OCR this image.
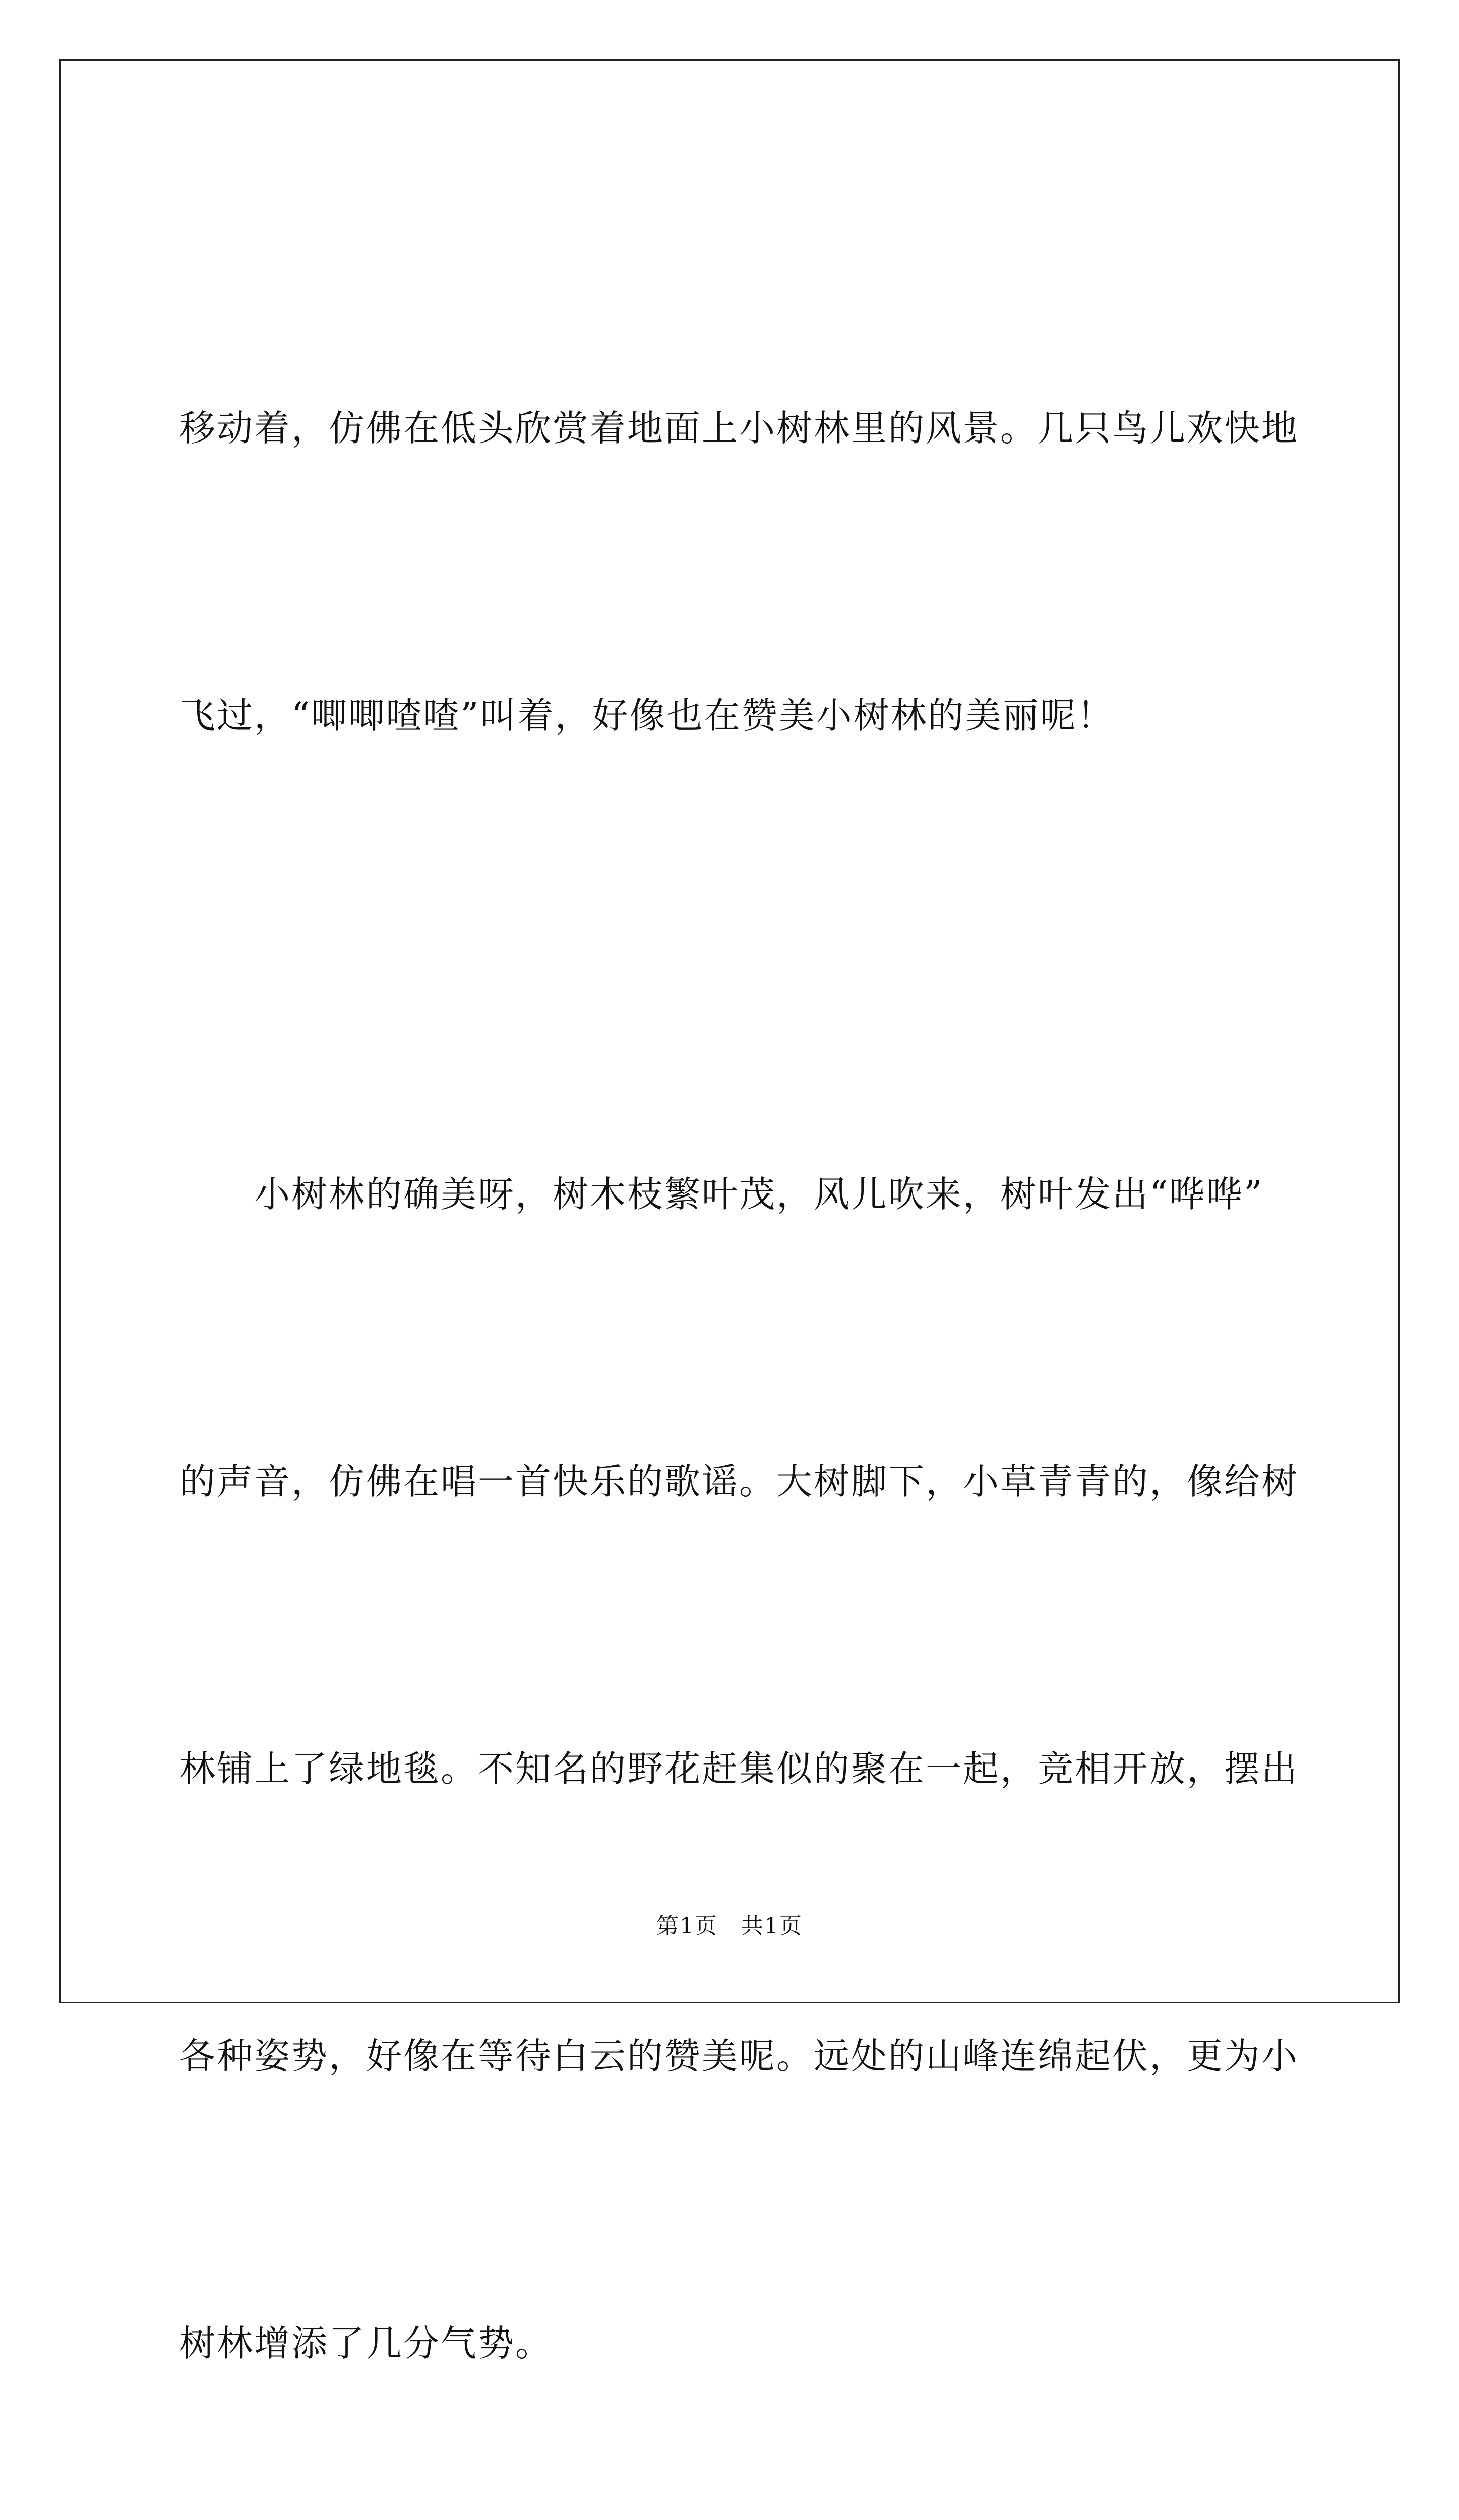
移动着，仿佛在低头欣赏着地面上小树林里的风景。几只鸟儿欢快地

飞过，“唧唧喳喳”叫着，好像也在赞美小树林的美丽呢！

　　小树林的确美呀，树木枝繁叶茂，风儿吹来，树叶发出“哗哗”

的声音，仿佛在唱一首快乐的歌谣。大树脚下，小草青青的，像给树

林铺上了绿地毯。不知名的野花赶集似的聚在一起，竞相开放，摆出

各种姿势，好像在等待白云的赞美呢。远处的山峰连绵起伏，更为小

树林增添了几分气势。

第1页　共1页
